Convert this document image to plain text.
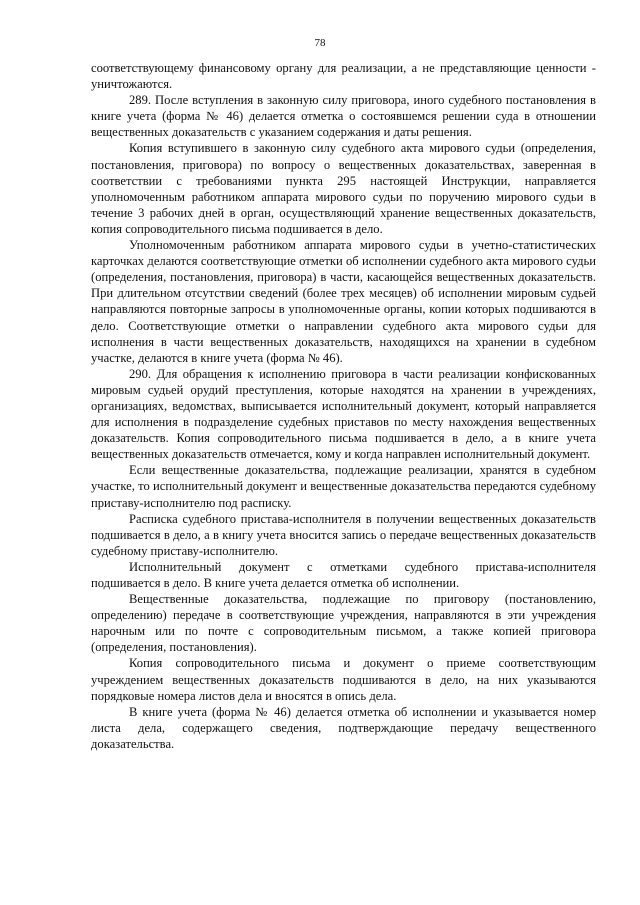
78

соответствующему финансовому органу для реализации, а не представляющие ценности - уничтожаются.

289. После вступления в законную силу приговора, иного судебного постановления в книге учета (форма № 46) делается отметка о состоявшемся решении суда в отношении вещественных доказательств с указанием содержания и даты решения.

Копия вступившего в законную силу судебного акта мирового судьи (определения, постановления, приговора) по вопросу о вещественных доказательствах, заверенная в соответствии с требованиями пункта 295 настоящей Инструкции, направляется уполномоченным работником аппарата мирового судьи по поручению мирового судьи в течение 3 рабочих дней в орган, осуществляющий хранение вещественных доказательств, копия сопроводительного письма подшивается в дело.

Уполномоченным работником аппарата мирового судьи в учетно-статистических карточках делаются соответствующие отметки об исполнении судебного акта мирового судьи (определения, постановления, приговора) в части, касающейся вещественных доказательств. При длительном отсутствии сведений (более трех месяцев) об исполнении мировым судьей направляются повторные запросы в уполномоченные органы, копии которых подшиваются в дело. Соответствующие отметки о направлении судебного акта мирового судьи для исполнения в части вещественных доказательств, находящихся на хранении в судебном участке, делаются в книге учета (форма № 46).

290. Для обращения к исполнению приговора в части реализации конфискованных мировым судьей орудий преступления, которые находятся на хранении в учреждениях, организациях, ведомствах, выписывается исполнительный документ, который направляется для исполнения в подразделение судебных приставов по месту нахождения вещественных доказательств. Копия сопроводительного письма подшивается в дело, а в книге учета вещественных доказательств отмечается, кому и когда направлен исполнительный документ.

Если вещественные доказательства, подлежащие реализации, хранятся в судебном участке, то исполнительный документ и вещественные доказательства передаются судебному приставу-исполнителю под расписку.

Расписка судебного пристава-исполнителя в получении вещественных доказательств подшивается в дело, а в книгу учета вносится запись о передаче вещественных доказательств судебному приставу-исполнителю.

Исполнительный документ с отметками судебного пристава-исполнителя подшивается в дело. В книге учета делается отметка об исполнении.

Вещественные доказательства, подлежащие по приговору (постановлению, определению) передаче в соответствующие учреждения, направляются в эти учреждения нарочным или по почте с сопроводительным письмом, а также копией приговора (определения, постановления).

Копия сопроводительного письма и документ о приеме соответствующим учреждением вещественных доказательств подшиваются в дело, на них указываются порядковые номера листов дела и вносятся в опись дела.

В книге учета (форма № 46) делается отметка об исполнении и указывается номер листа дела, содержащего сведения, подтверждающие передачу вещественного доказательства.
